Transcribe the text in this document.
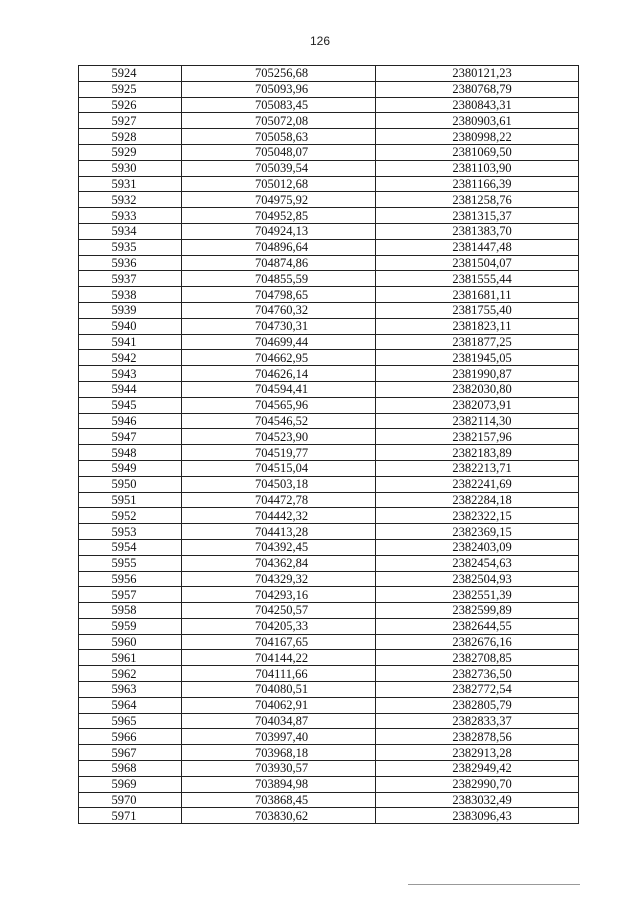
126
5924	705256,68	2380121,23
5925	705093,96	2380768,79
5926	705083,45	2380843,31
5927	705072,08	2380903,61
5928	705058,63	2380998,22
5929	705048,07	2381069,50
5930	705039,54	2381103,90
5931	705012,68	2381166,39
5932	704975,92	2381258,76
5933	704952,85	2381315,37
5934	704924,13	2381383,70
5935	704896,64	2381447,48
5936	704874,86	2381504,07
5937	704855,59	2381555,44
5938	704798,65	2381681,11
5939	704760,32	2381755,40
5940	704730,31	2381823,11
5941	704699,44	2381877,25
5942	704662,95	2381945,05
5943	704626,14	2381990,87
5944	704594,41	2382030,80
5945	704565,96	2382073,91
5946	704546,52	2382114,30
5947	704523,90	2382157,96
5948	704519,77	2382183,89
5949	704515,04	2382213,71
5950	704503,18	2382241,69
5951	704472,78	2382284,18
5952	704442,32	2382322,15
5953	704413,28	2382369,15
5954	704392,45	2382403,09
5955	704362,84	2382454,63
5956	704329,32	2382504,93
5957	704293,16	2382551,39
5958	704250,57	2382599,89
5959	704205,33	2382644,55
5960	704167,65	2382676,16
5961	704144,22	2382708,85
5962	704111,66	2382736,50
5963	704080,51	2382772,54
5964	704062,91	2382805,79
5965	704034,87	2382833,37
5966	703997,40	2382878,56
5967	703968,18	2382913,28
5968	703930,57	2382949,42
5969	703894,98	2382990,70
5970	703868,45	2383032,49
5971	703830,62	2383096,43
